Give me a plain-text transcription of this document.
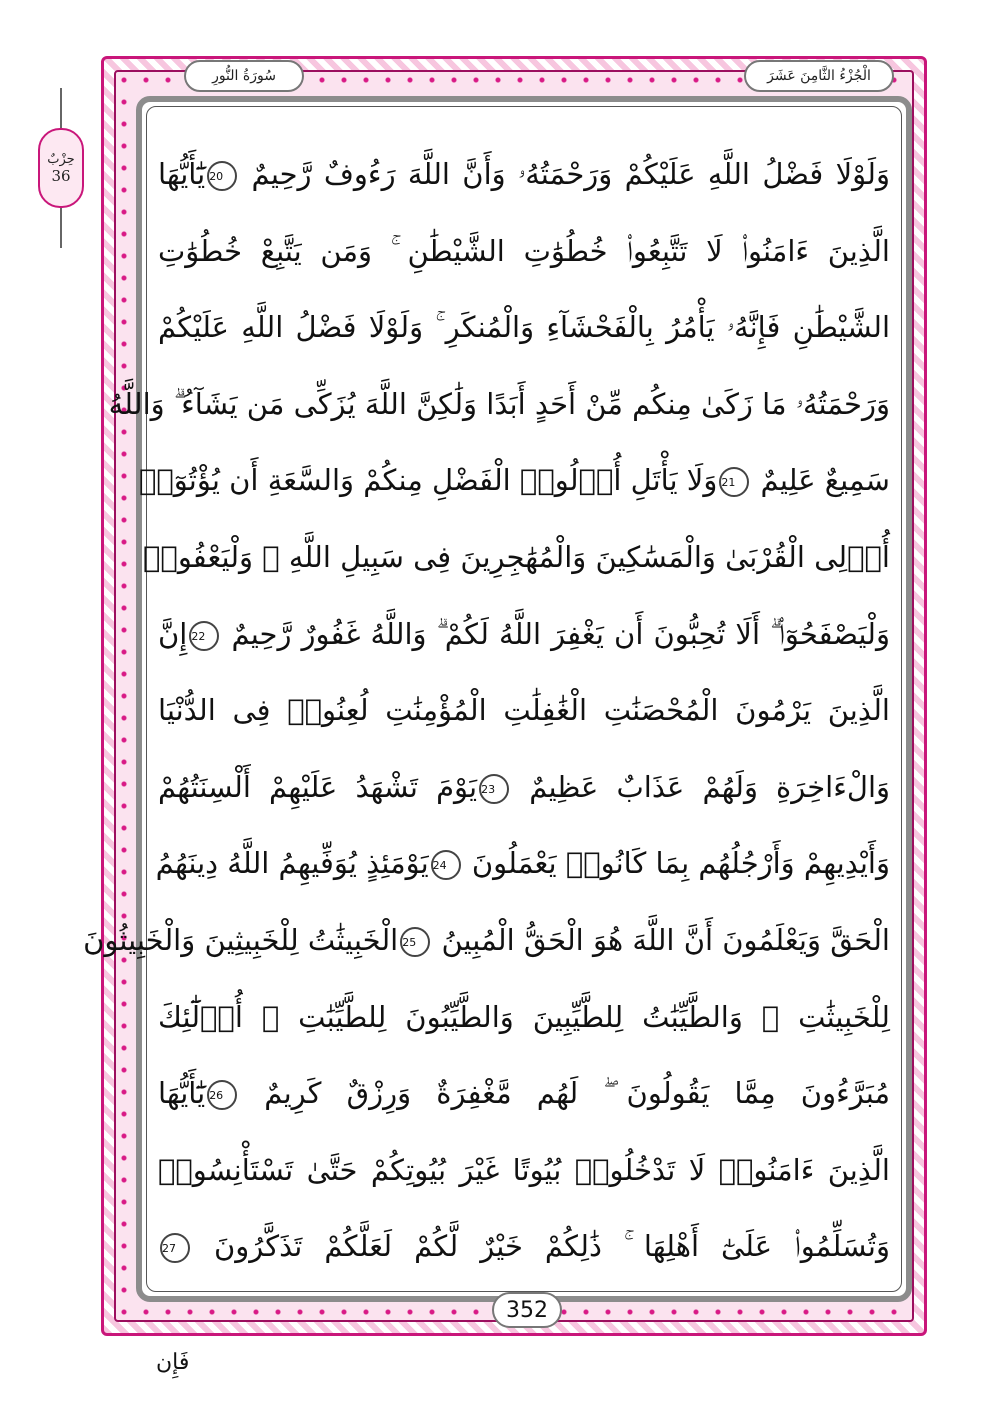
سُورَةُ النُّورِ	الْجُزْءُ الثَّامِنَ عَشَرَ
حِزْبٌ
36	وَلَوْلَا فَضْلُ اللَّهِ عَلَيْكُمْ وَرَحْمَتُهُۥ وَأَنَّ اللَّهَ رَءُوفٌ رَّحِيمٌ 20يَٰٓأَيُّهَا
الَّذِينَ ءَامَنُوا۟ لَا تَتَّبِعُوا۟ خُطُوَٰتِ الشَّيْطَٰنِ ۚ وَمَن يَتَّبِعْ خُطُوَٰتِ
الشَّيْطَٰنِ فَإِنَّهُۥ يَأْمُرُ بِالْفَحْشَآءِ وَالْمُنكَرِ ۚ وَلَوْلَا فَضْلُ اللَّهِ عَلَيْكُمْ
وَرَحْمَتُهُۥ مَا زَكَىٰ مِنكُم مِّنْ أَحَدٍ أَبَدًا وَلَٰكِنَّ اللَّهَ يُزَكِّى مَن يَشَآءُ ۗ وَاللَّهُ
سَمِيعٌ عَلِيمٌ 21وَلَا يَأْتَلِ أُو۟لُوا۟ الْفَضْلِ مِنكُمْ وَالسَّعَةِ أَن يُؤْتُوٓا۟
أُو۟لِى الْقُرْبَىٰ وَالْمَسَٰكِينَ وَالْمُهَٰجِرِينَ فِى سَبِيلِ اللَّهِ ۖ وَلْيَعْفُوا۟
وَلْيَصْفَحُوٓا۟ ۗ أَلَا تُحِبُّونَ أَن يَغْفِرَ اللَّهُ لَكُمْ ۗ وَاللَّهُ غَفُورٌ رَّحِيمٌ 22إِنَّ
الَّذِينَ يَرْمُونَ الْمُحْصَنَٰتِ الْغَٰفِلَٰتِ الْمُؤْمِنَٰتِ لُعِنُوا۟ فِى الدُّنْيَا
وَالْءَاخِرَةِ وَلَهُمْ عَذَابٌ عَظِيمٌ 23يَوْمَ تَشْهَدُ عَلَيْهِمْ أَلْسِنَتُهُمْ
وَأَيْدِيهِمْ وَأَرْجُلُهُم بِمَا كَانُوا۟ يَعْمَلُونَ 24يَوْمَئِذٍ يُوَفِّيهِمُ اللَّهُ دِينَهُمُ
الْحَقَّ وَيَعْلَمُونَ أَنَّ اللَّهَ هُوَ الْحَقُّ الْمُبِينُ 25الْخَبِيثَٰتُ لِلْخَبِيثِينَ وَالْخَبِيثُونَ
لِلْخَبِيثَٰتِ ۖ وَالطَّيِّبَٰتُ لِلطَّيِّبِينَ وَالطَّيِّبُونَ لِلطَّيِّبَٰتِ ۚ أُو۟لَٰٓئِكَ
مُبَرَّءُونَ مِمَّا يَقُولُونَ ۖ لَهُم مَّغْفِرَةٌ وَرِزْقٌ كَرِيمٌ 26يَٰٓأَيُّهَا
الَّذِينَ ءَامَنُوا۟ لَا تَدْخُلُوا۟ بُيُوتًا غَيْرَ بُيُوتِكُمْ حَتَّىٰ تَسْتَأْنِسُوا۟
وَتُسَلِّمُوا۟ عَلَىٰٓ أَهْلِهَا ۚ ذَٰلِكُمْ خَيْرٌ لَّكُمْ لَعَلَّكُمْ تَذَكَّرُونَ 27
352
فَإِن
